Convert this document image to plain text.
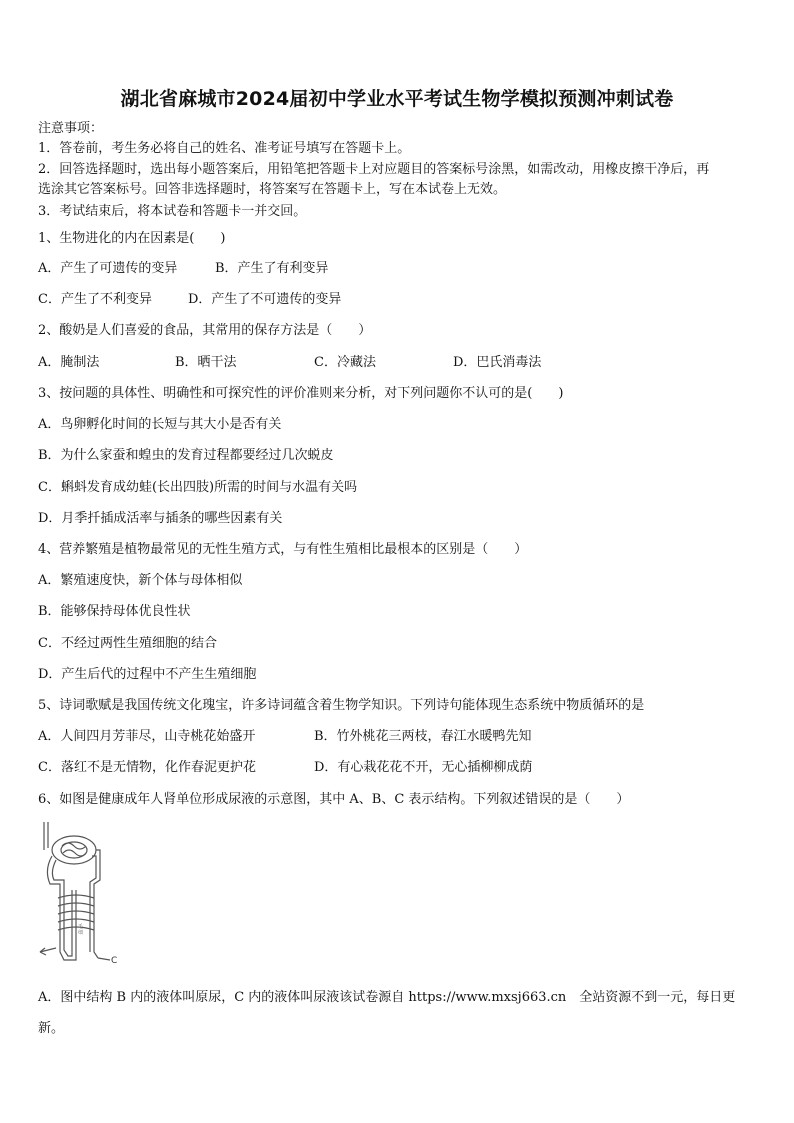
湖北省麻城市2024届初中学业水平考试生物学模拟预测冲刺试卷
注意事项：
1．答卷前，考生务必将自己的姓名、准考证号填写在答题卡上。
2．回答选择题时，选出每小题答案后，用铅笔把答题卡上对应题目的答案标号涂黑，如需改动，用橡皮擦干净后，再
选涂其它答案标号。回答非选择题时，将答案写在答题卡上，写在本试卷上无效。
3．考试结束后，将本试卷和答题卡一并交回。
1、生物进化的内在因素是(　　)
A．产生了可遗传的变异	B．产生了有利变异
C．产生了不利变异	D．产生了不可遗传的变异
2、酸奶是人们喜爱的食品，其常用的保存方法是（　　）
A．腌制法	B．晒干法	C．冷藏法	D．巴氏消毒法
3、按问题的具体性、明确性和可探究性的评价准则来分析，对下列问题你不认可的是(　　)
A．鸟卵孵化时间的长短与其大小是否有关
B．为什么家蚕和蝗虫的发育过程都要经过几次蜕皮
C．蝌蚪发育成幼蛙(长出四肢)所需的时间与水温有关吗
D．月季扦插成活率与插条的哪些因素有关
4、营养繁殖是植物最常见的无性生殖方式，与有性生殖相比最根本的区别是（　　）
A．繁殖速度快，新个体与母体相似
B．能够保持母体优良性状
C．不经过两性生殖细胞的结合
D．产生后代的过程中不产生生殖细胞
5、诗词歌赋是我国传统文化瑰宝，许多诗词蕴含着生物学知识。下列诗句能体现生态系统中物质循环的是
A．人间四月芳菲尽，山寺桃花始盛开	B．竹外桃花三两枝，春江水暖鸭先知
C．落红不是无情物，化作春泥更护花	D．有心栽花花不开，无心插柳柳成荫
6、如图是健康成年人肾单位形成尿液的示意图，其中 A、B、C 表示结构。下列叙述错误的是（　　）
毛
细
C
A．图中结构 B 内的液体叫原尿，C 内的液体叫尿液该试卷源自 https://www.mxsj663.cn　全站资源不到一元，每日更
新。
